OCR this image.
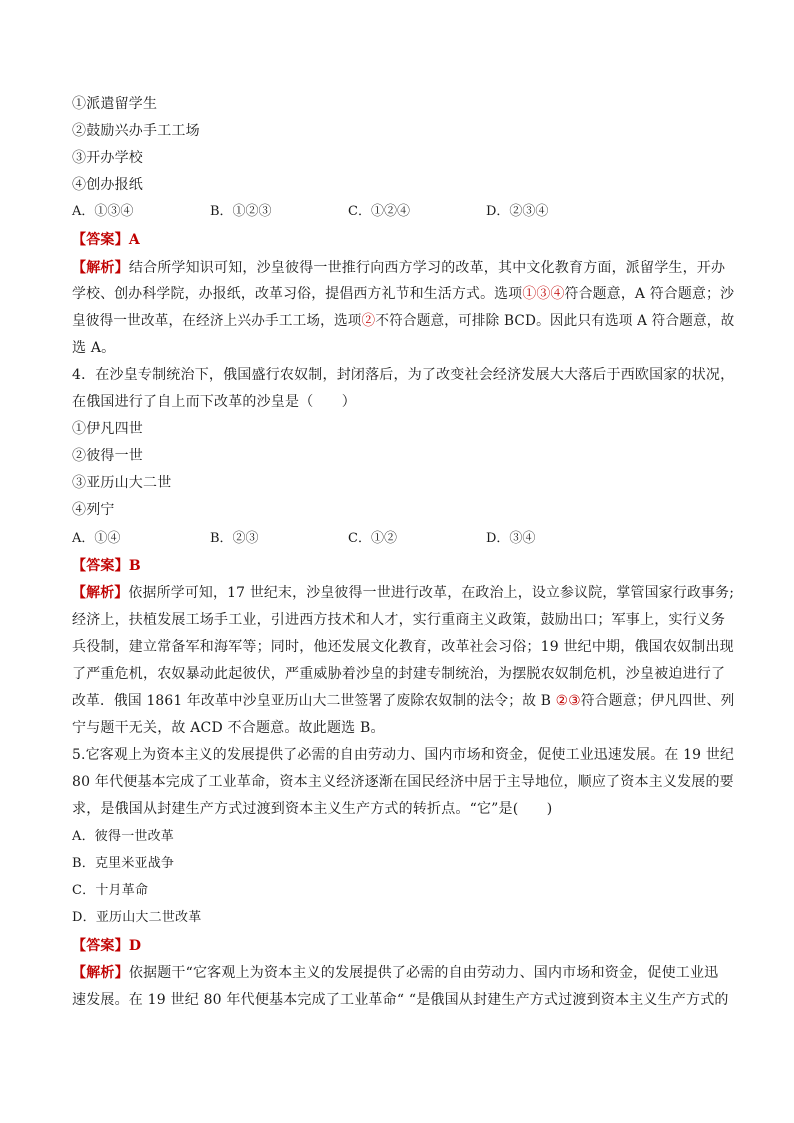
①派遣留学生
②鼓励兴办手工工场
③开办学校
④创办报纸
A．①③④	B．①②③	C．①②④	D．②③④
【答案】A
【解析】结合所学知识可知，沙皇彼得一世推行向西方学习的改革，其中文化教育方面，派留学生，开办
学校、创办科学院，办报纸，改革习俗，提倡西方礼节和生活方式。选项①③④符合题意，A 符合题意；沙
皇彼得一世改革，在经济上兴办手工工场，选项②不符合题意，可排除 BCD。因此只有选项 A 符合题意，故
选 A。
4．在沙皇专制统治下，俄国盛行农奴制，封闭落后，为了改变社会经济发展大大落后于西欧国家的状况，
在俄国进行了自上而下改革的沙皇是（　　）
①伊凡四世
②彼得一世
③亚历山大二世
④列宁
A．①④	B．②③	C．①②	D．③④
【答案】B
【解析】依据所学可知，17 世纪末，沙皇彼得一世进行改革，在政治上，设立参议院，掌管国家行政事务;
经济上，扶植发展工场手工业，引进西方技术和人才，实行重商主义政策，鼓励出口；军事上，实行义务
兵役制，建立常备军和海军等；同时，他还发展文化教育，改革社会习俗；19 世纪中期，俄国农奴制出现
了严重危机，农奴暴动此起彼伏，严重威胁着沙皇的封建专制统治，为摆脱农奴制危机，沙皇被迫进行了
改革．俄国 1861 年改革中沙皇亚历山大二世签署了废除农奴制的法令；故 B ②③符合题意；伊凡四世、列
宁与题干无关，故 ACD 不合题意。故此题选 B。
5.它客观上为资本主义的发展提供了必需的自由劳动力、国内市场和资金，促使工业迅速发展。在 19 世纪
80 年代便基本完成了工业革命，资本主义经济逐渐在国民经济中居于主导地位，顺应了资本主义发展的要
求，是俄国从封建生产方式过渡到资本主义生产方式的转折点。“它”是(　　)
A．彼得一世改革
B．克里米亚战争
C．十月革命
D．亚历山大二世改革
【答案】D
【解析】依据题干“它客观上为资本主义的发展提供了必需的自由劳动力、国内市场和资金，促使工业迅
速发展。在 19 世纪 80 年代便基本完成了工业革命“ “是俄国从封建生产方式过渡到资本主义生产方式的
